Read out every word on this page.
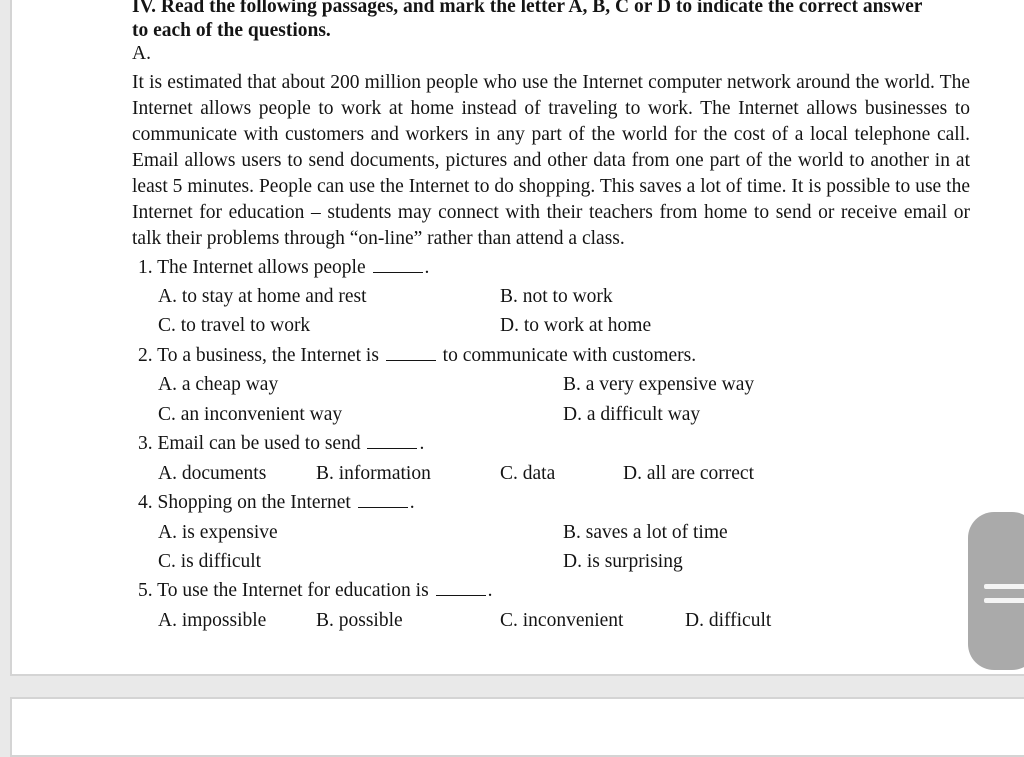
IV. Read the following passages, and mark the letter A, B, C or D to indicate the correct answer
to each of the questions.
A.

It is estimated that about 200 million people who use the Internet computer network around the world. The Internet allows people to work at home instead of traveling to work. The Internet allows businesses to communicate with customers and workers in any part of the world for the cost of a local telephone call. Email allows users to send documents, pictures and other data from one part of the world to another in at least 5 minutes. People can use the Internet to do shopping. This saves a lot of time. It is possible to use the Internet for education – students may connect with their teachers from home to send or receive email or talk their problems through “on-line” rather than attend a class.

1. The Internet allows people	.
A. to stay at home and rest	B. not to work
C. to travel to work	D. to work at home
2. To a business, the Internet is	to communicate with customers.
A. a cheap way	B. a very expensive way
C. an inconvenient way	D. a difficult way
3. Email can be used to send	.
A. documents	B. information	C. data	D. all are correct
4. Shopping on the Internet	.
A. is expensive	B. saves a lot of time
C. is difficult	D. is surprising
5. To use the Internet for education is	.
A. impossible	B. possible	C. inconvenient	D. difficult
